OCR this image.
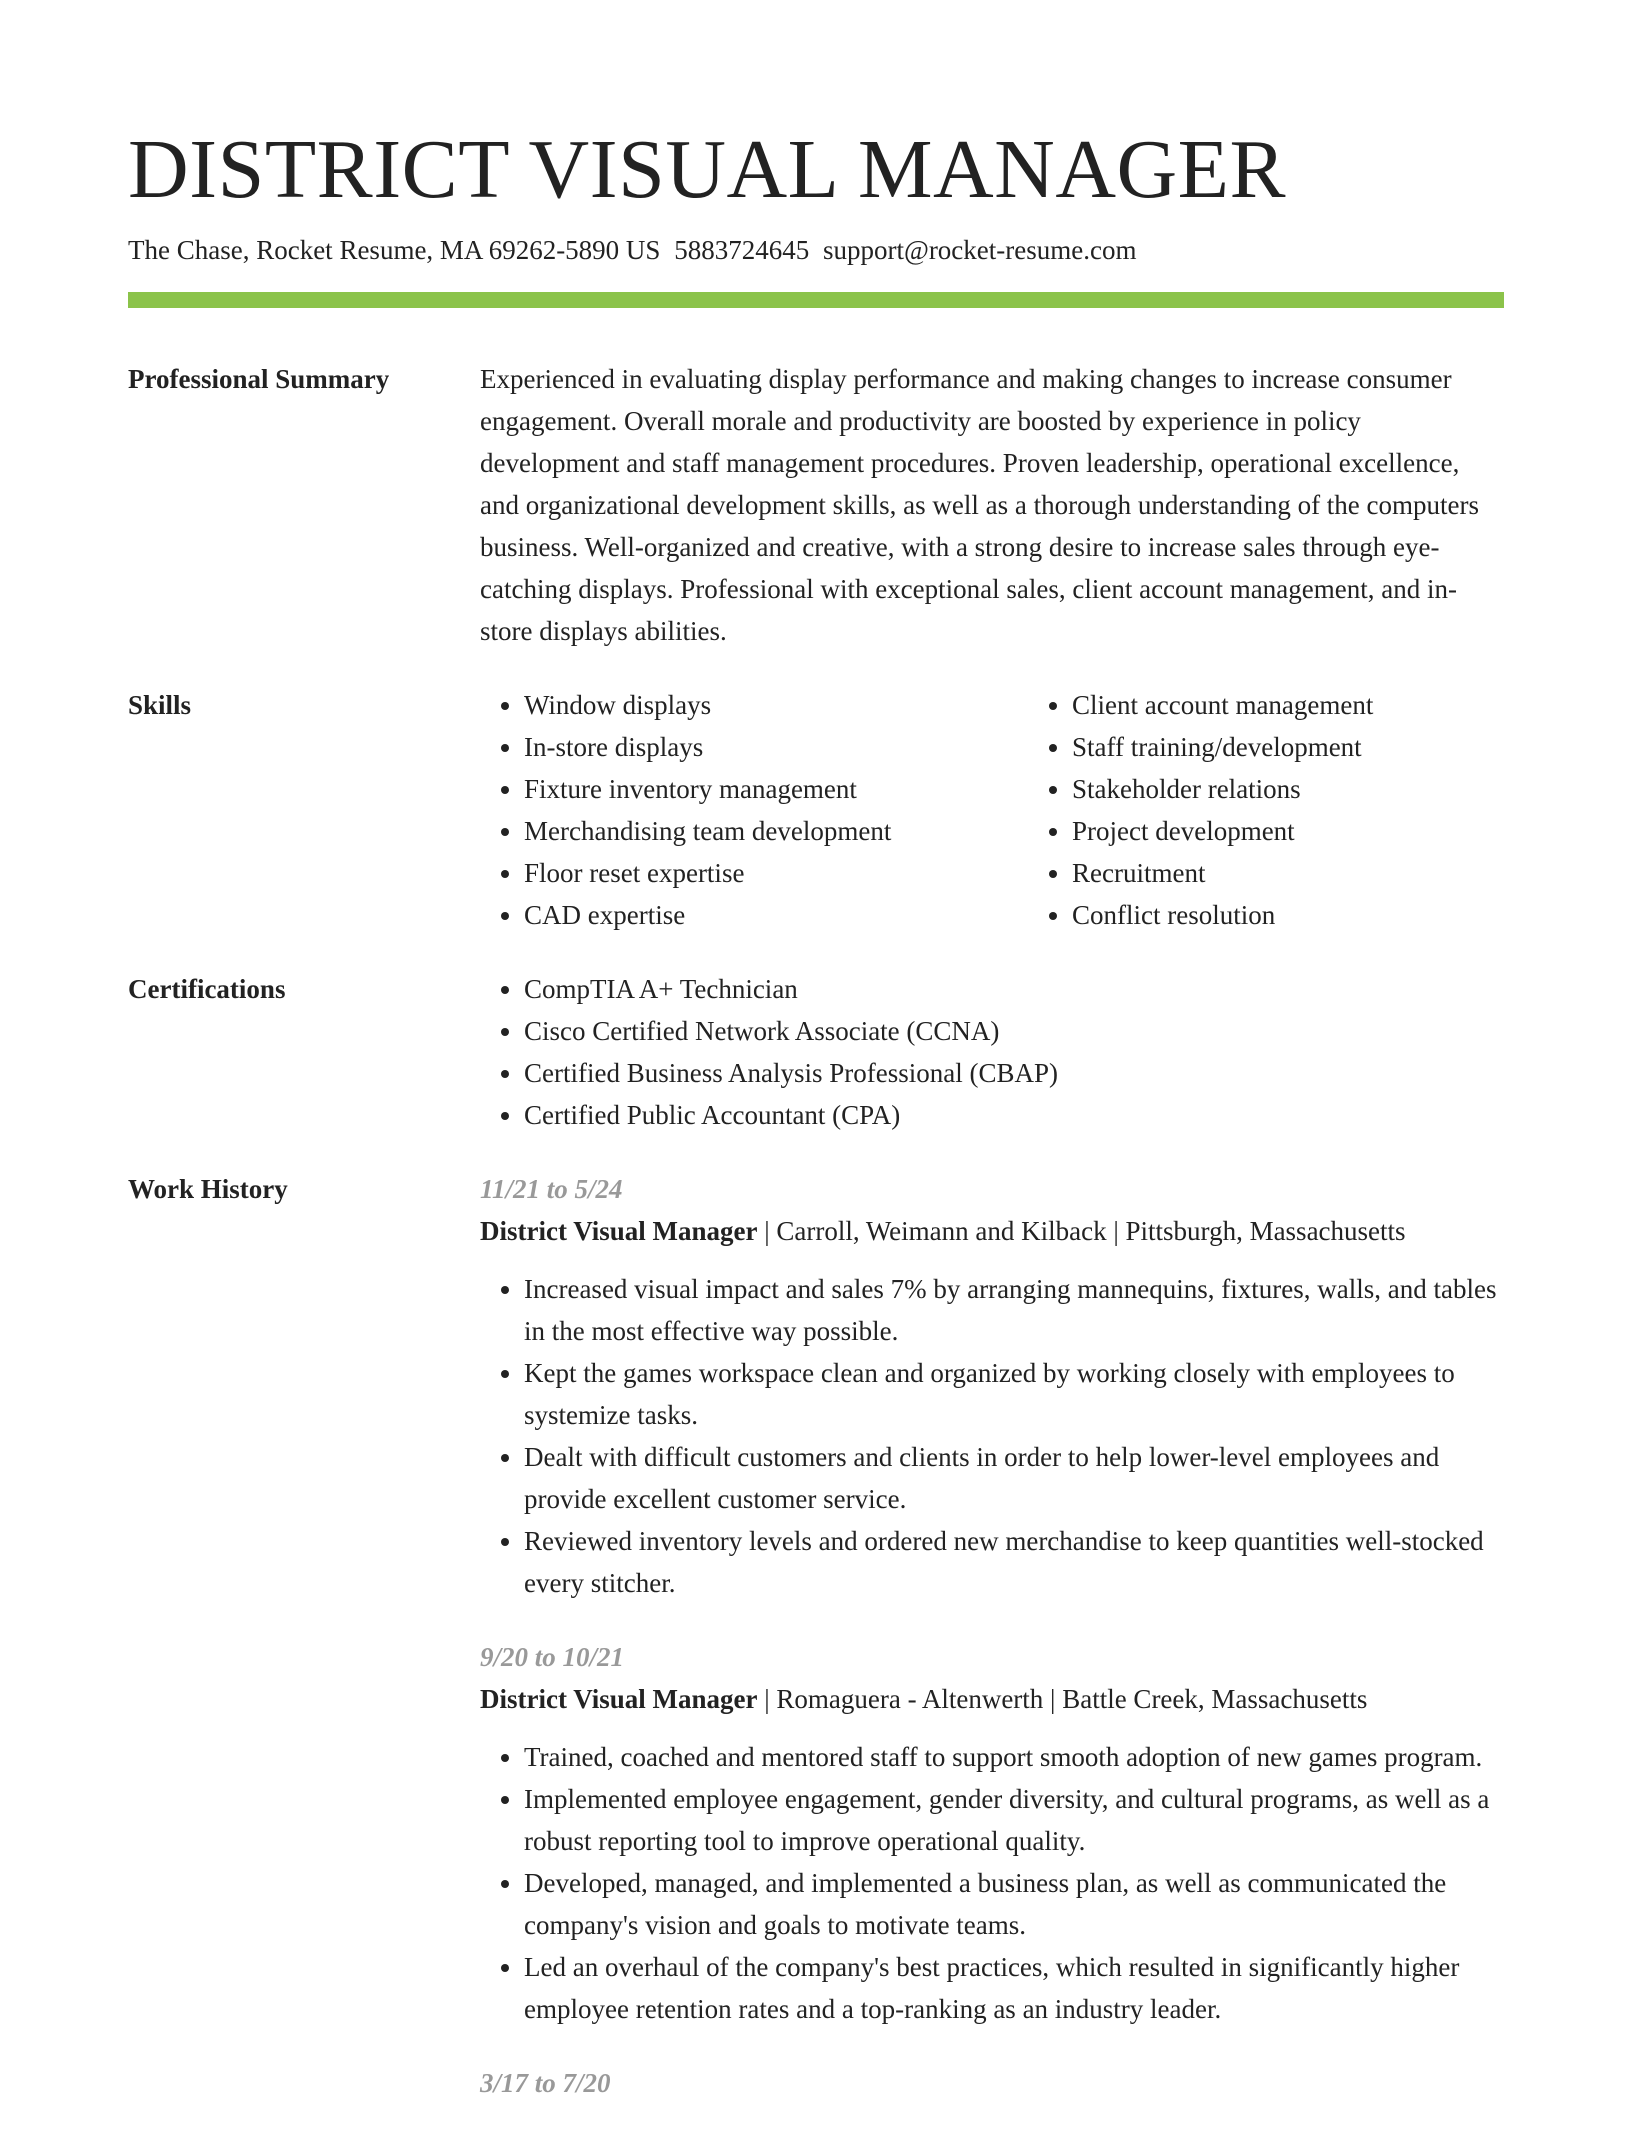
DISTRICT VISUAL MANAGER
The Chase, Rocket Resume, MA 69262-5890 US 5883724645 support@rocket-resume.com
Professional Summary	Experienced in evaluating display performance and making changes to increase consumer engagement. Overall morale and productivity are boosted by experience in policy development and staff management procedures. Proven leadership, operational excellence, and organizational development skills, as well as a thorough understanding of the computers business. Well-organized and creative, with a strong desire to increase sales through eye-catching displays. Professional with exceptional sales, client account management, and in-store displays abilities.

Skills	• Window displays
• In-store displays
• Fixture inventory management
• Merchandising team development
• Floor reset expertise
• CAD expertise
• Client account management
• Staff training/development
• Stakeholder relations
• Project development
• Recruitment
• Conflict resolution
Certifications	• CompTIA A+ Technician
• Cisco Certified Network Associate (CCNA)
• Certified Business Analysis Professional (CBAP)
• Certified Public Accountant (CPA)
Work History	11/21 to 5/24
District Visual Manager | Carroll, Weimann and Kilback | Pittsburgh, Massachusetts
• Increased visual impact and sales 7% by arranging mannequins, fixtures, walls, and tables in the most effective way possible.
• Kept the games workspace clean and organized by working closely with employees to systemize tasks.
• Dealt with difficult customers and clients in order to help lower-level employees and provide excellent customer service.
• Reviewed inventory levels and ordered new merchandise to keep quantities well-stocked every stitcher.
9/20 to 10/21
District Visual Manager | Romaguera - Altenwerth | Battle Creek, Massachusetts
• Trained, coached and mentored staff to support smooth adoption of new games program.
• Implemented employee engagement, gender diversity, and cultural programs, as well as a robust reporting tool to improve operational quality.
• Developed, managed, and implemented a business plan, as well as communicated the company's vision and goals to motivate teams.
• Led an overhaul of the company's best practices, which resulted in significantly higher employee retention rates and a top-ranking as an industry leader.
3/17 to 7/20
